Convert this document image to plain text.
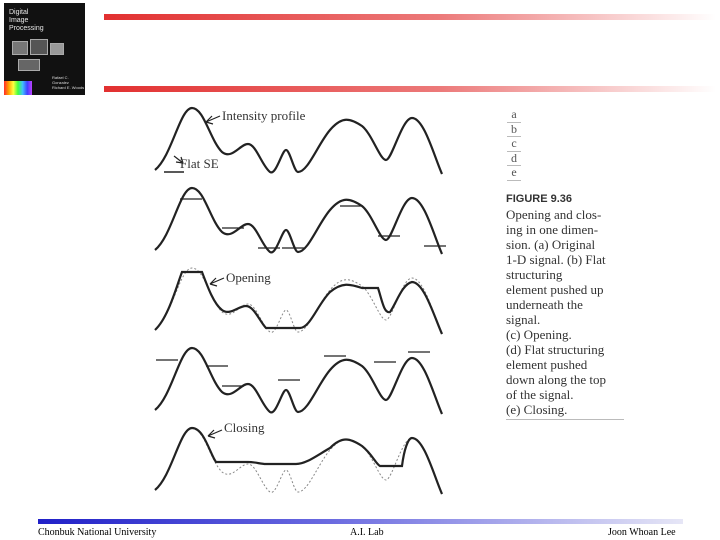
Digital
Image
Processing
Rafael C. Gonzalez
Richard E. Woods
Intensity profile
Flat SE
Opening
Closing
a
b
c
d
e
FIGURE 9.36
Opening and clos-
ing in one dimen-
sion. (a) Original
1-D signal. (b) Flat
structuring
element pushed up
underneath the
signal.
(c) Opening.
(d) Flat structuring
element pushed
down along the top
of the signal.
(e) Closing.
Chonbuk National University	A.I. Lab	Joon Whoan Lee
